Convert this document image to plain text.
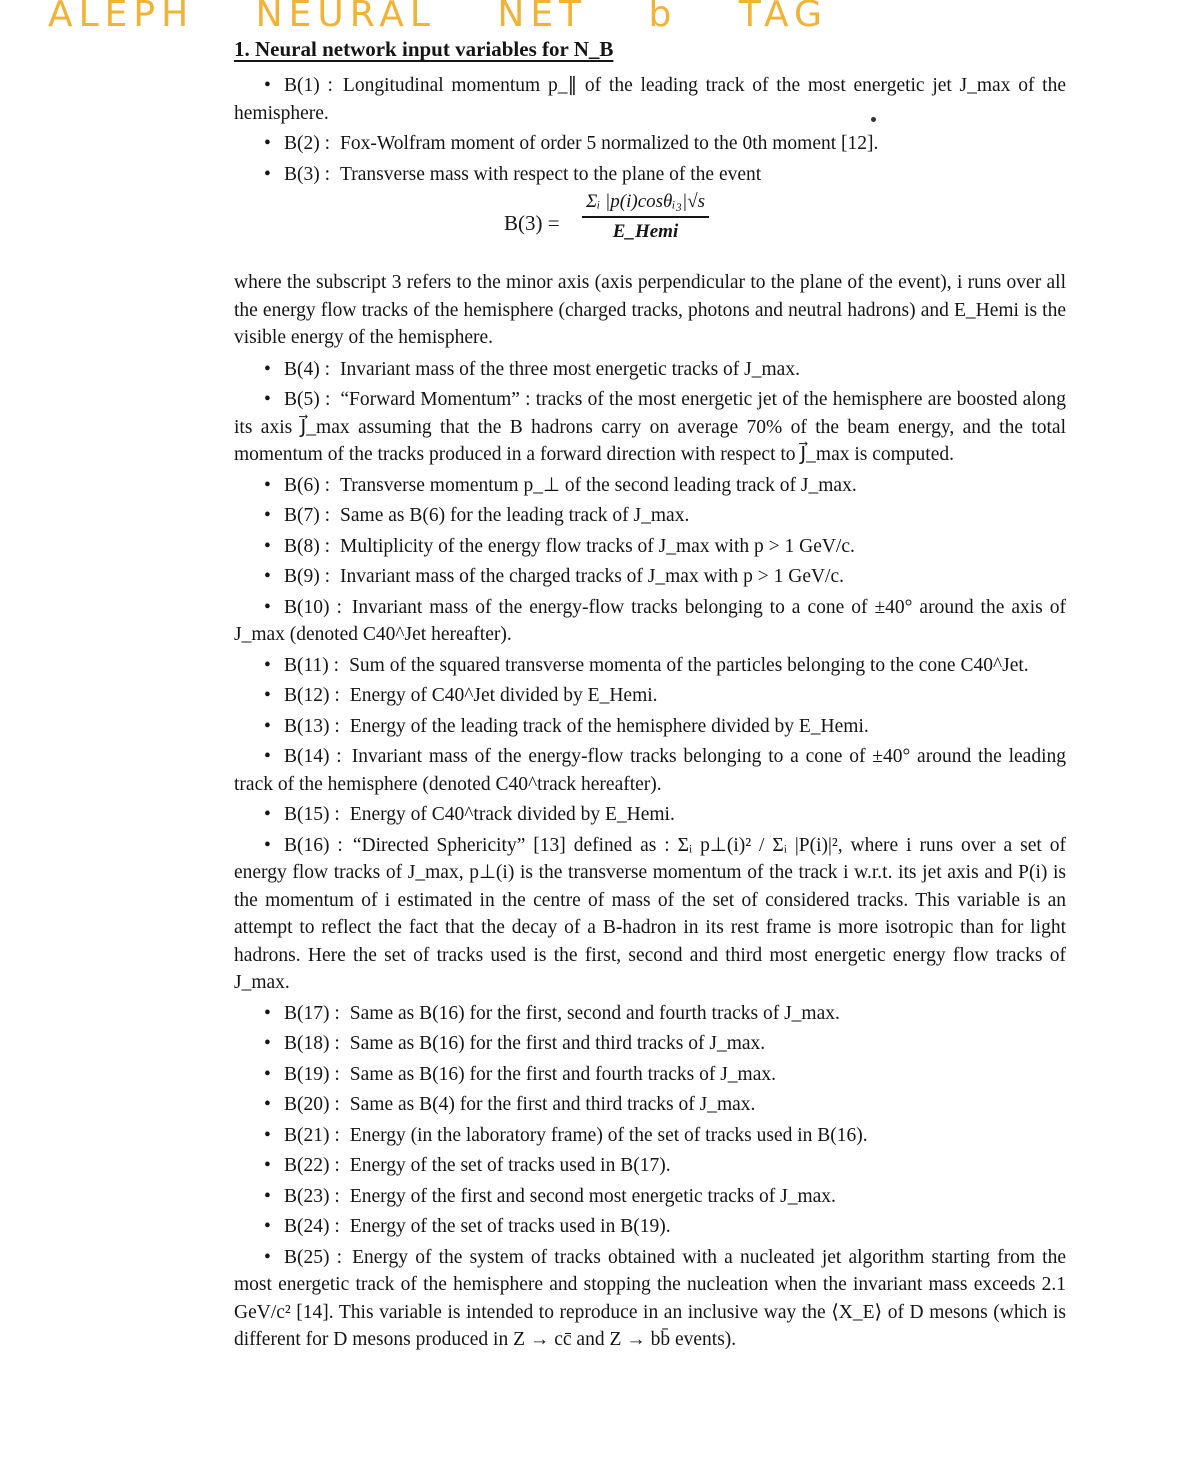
ALEPH NEURAL NET b TAG
1. Neural network input variables for N_B
• B(1) : Longitudinal momentum p_∥ of the leading track of the most energetic jet J_max of the hemisphere.
• B(2) : Fox-Wolfram moment of order 5 normalized to the 0th moment [12].
• B(3) : Transverse mass with respect to the plane of the event
B(3) =
Σᵢ |p(i)cosθᵢ₃|√s
E_Hemi
where the subscript 3 refers to the minor axis (axis perpendicular to the plane of the event), i runs over all the energy flow tracks of the hemisphere (charged tracks, photons and neutral hadrons) and E_Hemi is the visible energy of the hemisphere.
• B(4) : Invariant mass of the three most energetic tracks of J_max.
• B(5) : “Forward Momentum” : tracks of the most energetic jet of the hemisphere are boosted along its axis J⃗_max assuming that the B hadrons carry on average 70% of the beam energy, and the total momentum of the tracks produced in a forward direction with respect to J⃗_max is computed.
• B(6) : Transverse momentum p_⊥ of the second leading track of J_max.
• B(7) : Same as B(6) for the leading track of J_max.
• B(8) : Multiplicity of the energy flow tracks of J_max with p > 1 GeV/c.
• B(9) : Invariant mass of the charged tracks of J_max with p > 1 GeV/c.
• B(10) : Invariant mass of the energy-flow tracks belonging to a cone of ±40° around the axis of J_max (denoted C40^Jet hereafter).
• B(11) : Sum of the squared transverse momenta of the particles belonging to the cone C40^Jet.
• B(12) : Energy of C40^Jet divided by E_Hemi.
• B(13) : Energy of the leading track of the hemisphere divided by E_Hemi.
• B(14) : Invariant mass of the energy-flow tracks belonging to a cone of ±40° around the leading track of the hemisphere (denoted C40^track hereafter).
• B(15) : Energy of C40^track divided by E_Hemi.
• B(16) : “Directed Sphericity” [13] defined as : Σᵢ p⊥(i)² / Σᵢ |P(i)|², where i runs over a set of energy flow tracks of J_max, p⊥(i) is the transverse momentum of the track i w.r.t. its jet axis and P(i) is the momentum of i estimated in the centre of mass of the set of considered tracks. This variable is an attempt to reflect the fact that the decay of a B-hadron in its rest frame is more isotropic than for light hadrons. Here the set of tracks used is the first, second and third most energetic energy flow tracks of J_max.
• B(17) : Same as B(16) for the first, second and fourth tracks of J_max.
• B(18) : Same as B(16) for the first and third tracks of J_max.
• B(19) : Same as B(16) for the first and fourth tracks of J_max.
• B(20) : Same as B(4) for the first and third tracks of J_max.
• B(21) : Energy (in the laboratory frame) of the set of tracks used in B(16).
• B(22) : Energy of the set of tracks used in B(17).
• B(23) : Energy of the first and second most energetic tracks of J_max.
• B(24) : Energy of the set of tracks used in B(19).
• B(25) : Energy of the system of tracks obtained with a nucleated jet algorithm starting from the most energetic track of the hemisphere and stopping the nucleation when the invariant mass exceeds 2.1 GeV/c² [14]. This variable is intended to reproduce in an inclusive way the ⟨X_E⟩ of D mesons (which is different for D mesons produced in Z → cc̄ and Z → bb̄ events).
